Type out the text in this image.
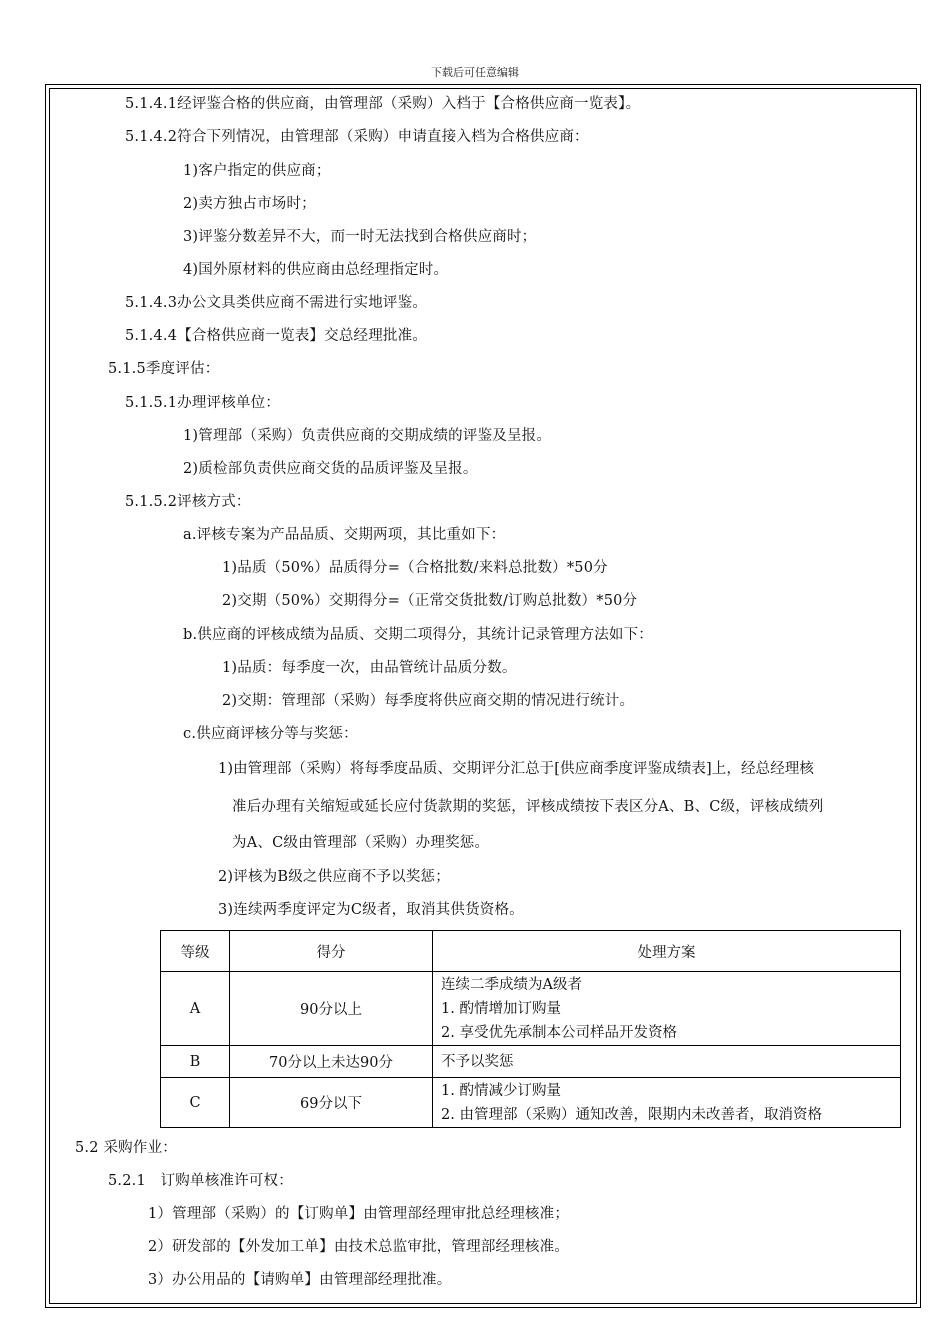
下载后可任意编辑
5.1.4.1经评鉴合格的供应商，由管理部（采购）入档于【合格供应商一览表】。
5.1.4.2符合下列情况，由管理部（采购）申请直接入档为合格供应商：
1)客户指定的供应商；
2)卖方独占市场时；
3)评鉴分数差异不大，而一时无法找到合格供应商时；
4)国外原材料的供应商由总经理指定时。
5.1.4.3办公文具类供应商不需进行实地评鉴。
5.1.4.4【合格供应商一览表】交总经理批准。
5.1.5季度评估：
5.1.5.1办理评核单位：
1)管理部（采购）负责供应商的交期成绩的评鉴及呈报。
2)质检部负责供应商交货的品质评鉴及呈报。
5.1.5.2评核方式：
a.评核专案为产品品质、交期两项，其比重如下：
1)品质（50%）品质得分=（合格批数/来料总批数）*50分
2)交期（50%）交期得分=（正常交货批数/订购总批数）*50分
b.供应商的评核成绩为品质、交期二项得分，其统计记录管理方法如下：
1)品质：每季度一次，由品管统计品质分数。
2)交期：管理部（采购）每季度将供应商交期的情况进行统计。
c.供应商评核分等与奖惩：
1)由管理部（采购）将每季度品质、交期评分汇总于[供应商季度评鉴成绩表]上，经总经理核
准后办理有关缩短或延长应付货款期的奖惩，评核成绩按下表区分A、B、C级，评核成绩列
为A、C级由管理部（采购）办理奖惩。
2)评核为B级之供应商不予以奖惩；
3)连续两季度评定为C级者，取消其供货资格。
等级	得分	处理方案
A	90分以上	连续二季成绩为A级者
1. 酌情增加订购量
2. 享受优先承制本公司样品开发资格

B	70分以上未达90分	不予以奖惩

C	69分以下	1. 酌情减少订购量
2. 由管理部（采购）通知改善，限期内未改善者，取消资格
5.2 采购作业：
5.2.1　订购单核准许可权：
1）管理部（采购）的【订购单】由管理部经理审批总经理核准；
2）研发部的【外发加工单】由技术总监审批，管理部经理核准。
3）办公用品的【请购单】由管理部经理批准。
